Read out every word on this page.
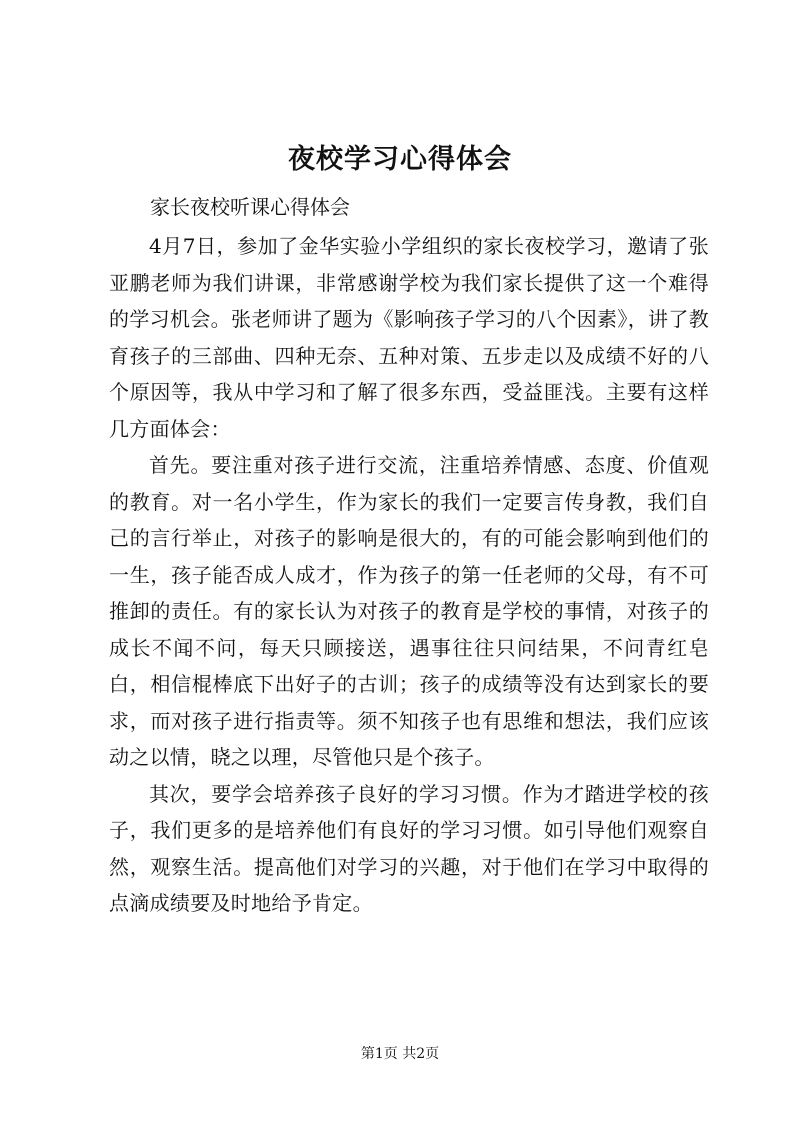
夜校学习心得体会
家长夜校听课心得体会

4月7日，参加了金华实验小学组织的家长夜校学习，邀请了张亚鹏老师为我们讲课，非常感谢学校为我们家长提供了这一个难得的学习机会。张老师讲了题为《影响孩子学习的八个因素》，讲了教育孩子的三部曲、四种无奈、五种对策、五步走以及成绩不好的八个原因等，我从中学习和了解了很多东西，受益匪浅。主要有这样几方面体会：

首先。要注重对孩子进行交流，注重培养情感、态度、价值观的教育。对一名小学生，作为家长的我们一定要言传身教，我们自己的言行举止，对孩子的影响是很大的，有的可能会影响到他们的一生，孩子能否成人成才，作为孩子的第一任老师的父母，有不可推卸的责任。有的家长认为对孩子的教育是学校的事情，对孩子的成长不闻不问，每天只顾接送，遇事往往只问结果，不问青红皂白，相信棍棒底下出好子的古训；孩子的成绩等没有达到家长的要求，而对孩子进行指责等。须不知孩子也有思维和想法，我们应该动之以情，晓之以理，尽管他只是个孩子。

其次，要学会培养孩子良好的学习习惯。作为才踏进学校的孩子，我们更多的是培养他们有良好的学习习惯。如引导他们观察自然，观察生活。提高他们对学习的兴趣，对于他们在学习中取得的点滴成绩要及时地给予肯定。

第1页 共2页
